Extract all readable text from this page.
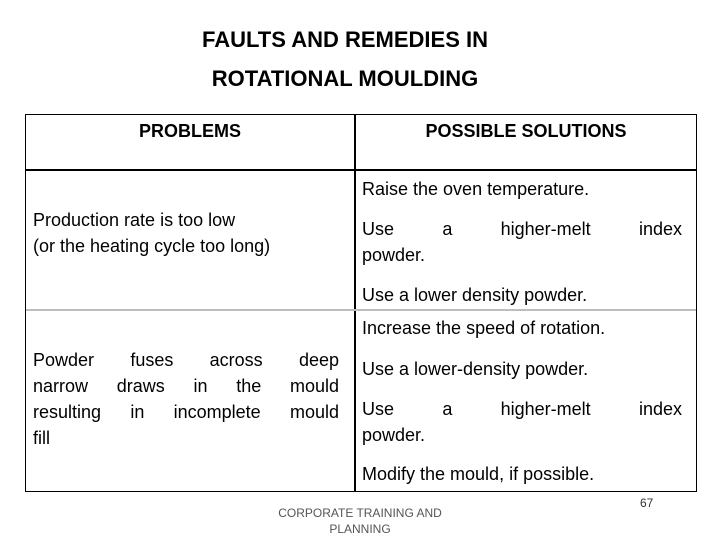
FAULTS AND REMEDIES IN
ROTATIONAL MOULDING
PROBLEMS	POSSIBLE SOLUTIONS
Production rate is too low
(or the heating cycle too long)
Raise the oven temperature.
Use a higher-melt index
powder.
Use a lower density powder.
Increase the speed of rotation.
Use a lower-density powder.
Use a higher-melt index
powder.
Modify the mould, if possible.
Powder fuses across deep
narrow draws in the mould
resulting in incomplete mould
fill
CORPORATE TRAINING AND
PLANNING
67
